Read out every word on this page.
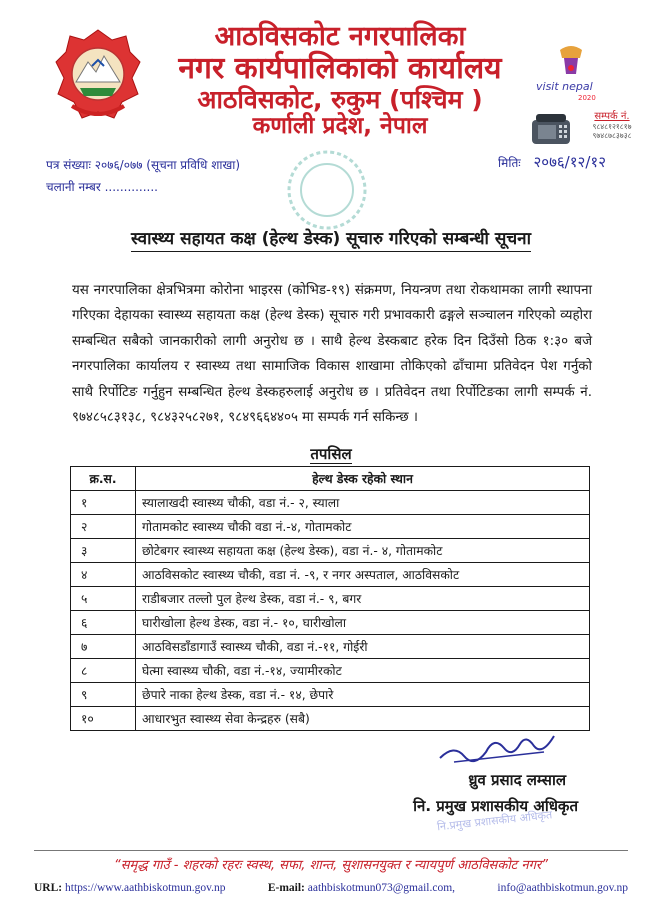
आठविसकोट नगरपालिका
नगर कार्यपालिकाको कार्यालय
आठविसकोट, रुकुम (पश्चिम )
कर्णाली प्रदेश, नेपाल
visit nepal
2020
सम्पर्क नं.
९८४८१२१८१७
९७४८७८३७३८
पत्र संख्याः २०७६/०७७ (सूचना प्रविधि शाखा)	मितिः २०७६/१२/१२
चलानी नम्बर ..............
स्वास्थ्य सहायत कक्ष (हेल्थ डेस्क) सूचारु गरिएको सम्बन्धी सूचना
यस नगरपालिका क्षेत्रभित्रमा कोरोना भाइरस (कोभिड-१९) संक्रमण, नियन्त्रण तथा रोकथामका लागी स्थापना गरिएका देहायका स्वास्थ्य सहायता कक्ष (हेल्थ डेस्क) सूचारु गरी प्रभावकारी ढङ्गले सञ्चालन गरिएको व्यहोरा सम्बन्धित सबैको जानकारीको लागी अनुरोध छ । साथै हेल्थ डेस्कबाट हरेक दिन दिउँसो ठिक १:३० बजे नगरपालिका कार्यालय र स्वास्थ्य तथा सामाजिक विकास शाखामा तोकिएको ढाँचामा प्रतिवेदन पेश गर्नुको साथै रिर्पोटिङ गर्नुहुन सम्बन्धित हेल्थ डेस्कहरुलाई अनुरोध छ । प्रतिवेदन तथा रिर्पोटिङका लागी सम्पर्क नं. ९७४८५८३१३८, ९८४३२५८२७१, ९८४९६६४४०५ मा सम्पर्क गर्न सकिन्छ ।
तपसिल
क्र.स.	हेल्थ डेस्क रहेको स्थान
१	स्यालाखदी स्वास्थ्य चौकी, वडा नं.- २, स्याला
२	गोतामकोट स्वास्थ्य चौकी वडा नं.-४, गोतामकोट
३	छोटेबगर स्वास्थ्य सहायता कक्ष (हेल्थ डेस्क), वडा नं.- ४, गोतामकोट
४	आठविसकोट स्वास्थ्य चौकी, वडा नं. -९, र नगर अस्पताल, आठविसकोट
५	राडीबजार तल्लो पुल हेल्थ डेस्क, वडा नं.- ९, बगर
६	घारीखोला हेल्थ डेस्क, वडा नं.- १०, घारीखोला
७	आठविसडाँडागाउँ स्वास्थ्य चौकी, वडा नं.-११, गोईरी
८	घेत्मा स्वास्थ्य चौकी, वडा नं.-१४, ज्यामीरकोट
९	छेपारे नाका हेल्थ डेस्क, वडा नं.- १४, छेपारे
१०	आधारभुत स्वास्थ्य सेवा केन्द्रहरु (सबै)
ध्रुव प्रसाद लम्साल
नि. प्रमुख प्रशासकीय अधिकृत
नि.प्रमुख प्रशासकीय अधिकृत
“समृद्ध गाउँ - शहरको रहरः स्वस्थ, सफा, शान्त, सुशासनयुक्त र न्यायपुर्ण आठविसकोट नगर”
URL: https://www.aathbiskotmun.gov.np	E-mail: aathbiskotmun073@gmail.com,	info@aathbiskotmun.gov.np
